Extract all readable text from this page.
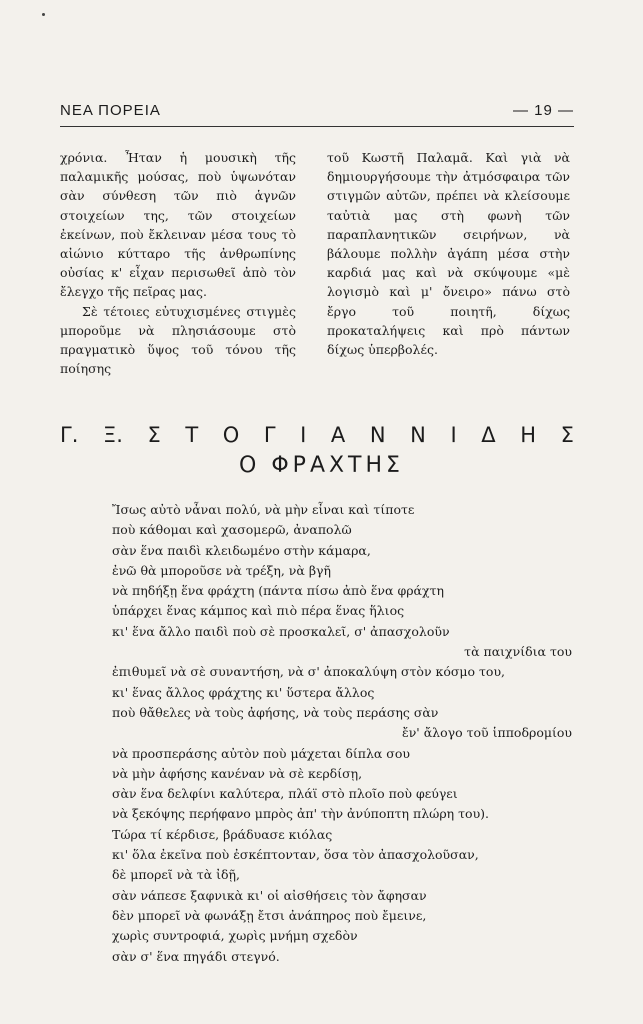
ΝΕΑ ΠΟΡΕΙΑ	— 19 —

χρόνια. Ἦταν ἡ μουσικὴ τῆς παλαμικῆς μούσας, ποὺ ὑψωνόταν σὰν σύνθεση τῶν πιὸ ἁγνῶν στοιχείων της, τῶν στοιχείων ἐκείνων, ποὺ ἔκλειναν μέσα τους τὸ αἰώνιο κύτταρο τῆς ἀνθρωπίνης οὐσίας κ' εἶχαν περισωθεῖ ἀπὸ τὸν ἔλεγχο τῆς πεῖρας μας.

Σὲ τέτοιες εὐτυχισμένες στιγμὲς μποροῦμε νὰ πλησιάσουμε στὸ πραγματικὸ ὕψος τοῦ τόνου τῆς ποίησης

τοῦ Κωστῆ Παλαμᾶ. Καὶ γιὰ νὰ δημιουργήσουμε τὴν ἀτμόσφαιρα τῶν στιγμῶν αὐτῶν, πρέπει νὰ κλείσουμε ταὐτιὰ μας στὴ φωνὴ τῶν παραπλανητικῶν σειρήνων, νὰ βάλουμε πολλὴν ἀγάπη μέσα στὴν καρδιά μας καὶ νὰ σκύψουμε «μὲ λογισμὸ καὶ μ' ὄνειρο» πάνω στὸ ἔργο τοῦ ποιητῆ, δίχως προκαταλήψεις καὶ πρὸ πάντων δίχως ὑπερβολές.

Γ. Ξ. Σ Τ Ο Γ Ι Α Ν Ν Ι Δ Η Σ
Ο ΦΡΑΧΤΗΣ
Ἴσως αὐτὸ νἆναι πολύ, νὰ μὴν εἶναι καὶ τίποτε
ποὺ κάθομαι καὶ χασομερῶ, ἀναπολῶ
σὰν ἕνα παιδὶ κλειδωμένο στὴν κάμαρα,
ἐνῶ θὰ μποροῦσε νὰ τρέξη, νὰ βγῆ
νὰ πηδήξῃ ἕνα φράχτη (πάντα πίσω ἀπὸ ἕνα φράχτη
ὑπάρχει ἕνας κάμπος καὶ πιὸ πέρα ἕνας ἥλιος
κι' ἕνα ἄλλο παιδὶ ποὺ σὲ προσκαλεῖ, σ' ἀπασχολοῦν
τὰ παιχνίδια του
ἐπιθυμεῖ νὰ σὲ συναντήση, νὰ σ' ἀποκαλύψη στὸν κόσμο του,
κι' ἕνας ἄλλος φράχτης κι' ὕστερα ἄλλος
ποὺ θἄθελες νὰ τοὺς ἀφήσης, νὰ τοὺς περάσης σὰν
ἔν' ἄλογο τοῦ ἱπποδρομίου
νὰ προσπεράσης αὐτὸν ποὺ μάχεται δίπλα σου
νὰ μὴν ἀφήσης κανέναν νὰ σὲ κερδίσῃ,
σὰν ἕνα δελφίνι καλύτερα, πλάϊ στὸ πλοῖο ποὺ φεύγει
νὰ ξεκόψης περήφανο μπρὸς ἀπ' τὴν ἀνύποπτη πλώρη του).
Τώρα τί κέρδισε, βράδυασε κιόλας
κι' ὅλα ἐκεῖνα ποὺ ἐσκέπτονταν, ὅσα τὸν ἀπασχολοῦσαν,
δὲ μπορεῖ νὰ τὰ ἰδῇ,
σὰν νάπεσε ξαφνικὰ κι' οἱ αἰσθήσεις τὸν ἄφησαν
δὲν μπορεῖ νὰ φωνάξῃ ἔτσι ἀνάπηρος ποὺ ἔμεινε,
χωρὶς συντροφιά, χωρὶς μνήμη σχεδὸν
σὰν σ' ἕνα πηγάδι στεγνό.
